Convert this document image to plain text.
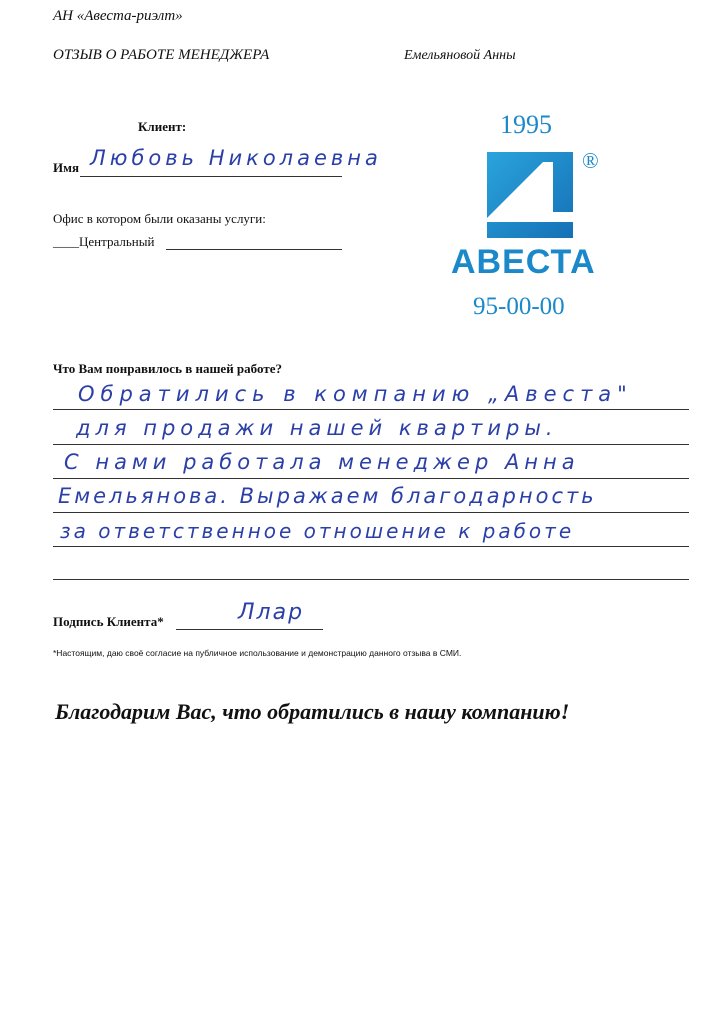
АН «Авеста-риэлт»
ОТЗЫВ О РАБОТЕ МЕНЕДЖЕРА	Емельяновой Анны
Клиент:
Имя Любовь Николаевна
Офис в котором были оказаны услуги:
____Центральный
1995
®
АВЕСТА
95-00-00
Что Вам понравилось в нашей работе?
Обратились в компанию „Авеста"
для продажи нашей квартиры.
С нами работала менеджер Анна
Емельянова. Выражаем благодарность
за ответственное отношение к работе
Подпись Клиента*	Ллар
*Настоящим, даю своё согласие на публичное использование и демонстрацию данного отзыва в СМИ.
Благодарим Вас, что обратились в нашу компанию!
